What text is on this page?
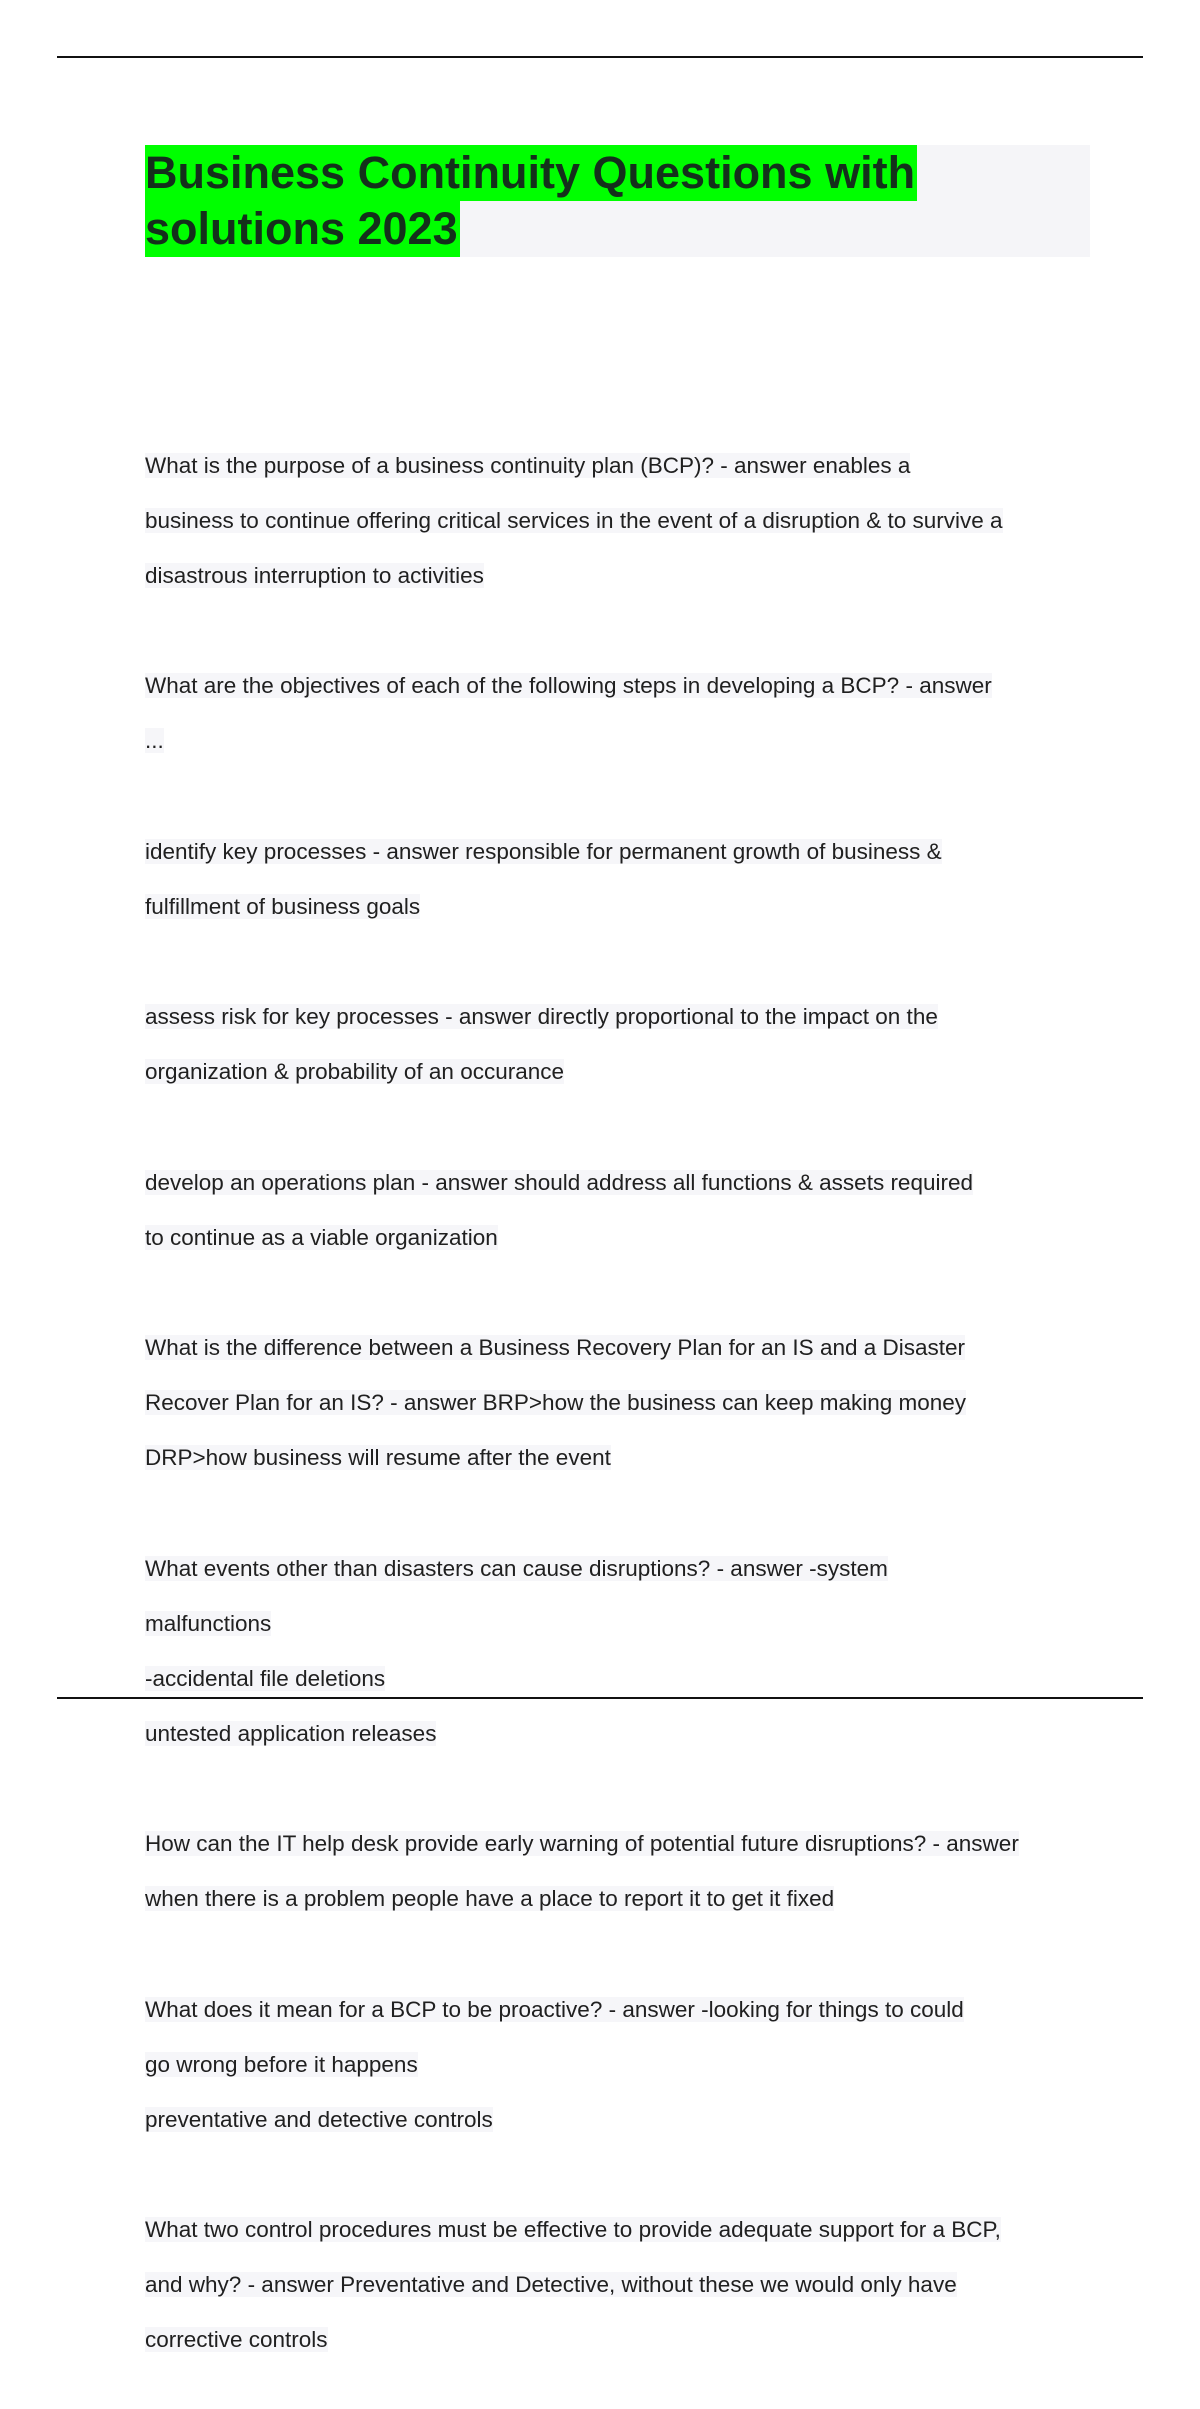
Business Continuity Questions with
solutions 2023

What is the purpose of a business continuity plan (BCP)? - answer enables a

business to continue offering critical services in the event of a disruption & to survive a

disastrous interruption to activities

What are the objectives of each of the following steps in developing a BCP? - answer

...

identify key processes - answer responsible for permanent growth of business &

fulfillment of business goals

assess risk for key processes - answer directly proportional to the impact on the

organization & probability of an occurance

develop an operations plan - answer should address all functions & assets required

to continue as a viable organization

What is the difference between a Business Recovery Plan for an IS and a Disaster

Recover Plan for an IS? - answer BRP>how the business can keep making money

DRP>how business will resume after the event

What events other than disasters can cause disruptions? - answer -system

malfunctions

-accidental file deletions

untested application releases

How can the IT help desk provide early warning of potential future disruptions? - answer

when there is a problem people have a place to report it to get it fixed

What does it mean for a BCP to be proactive? - answer -looking for things to could

go wrong before it happens

preventative and detective controls

What two control procedures must be effective to provide adequate support for a BCP,

and why? - answer Preventative and Detective, without these we would only have

corrective controls
